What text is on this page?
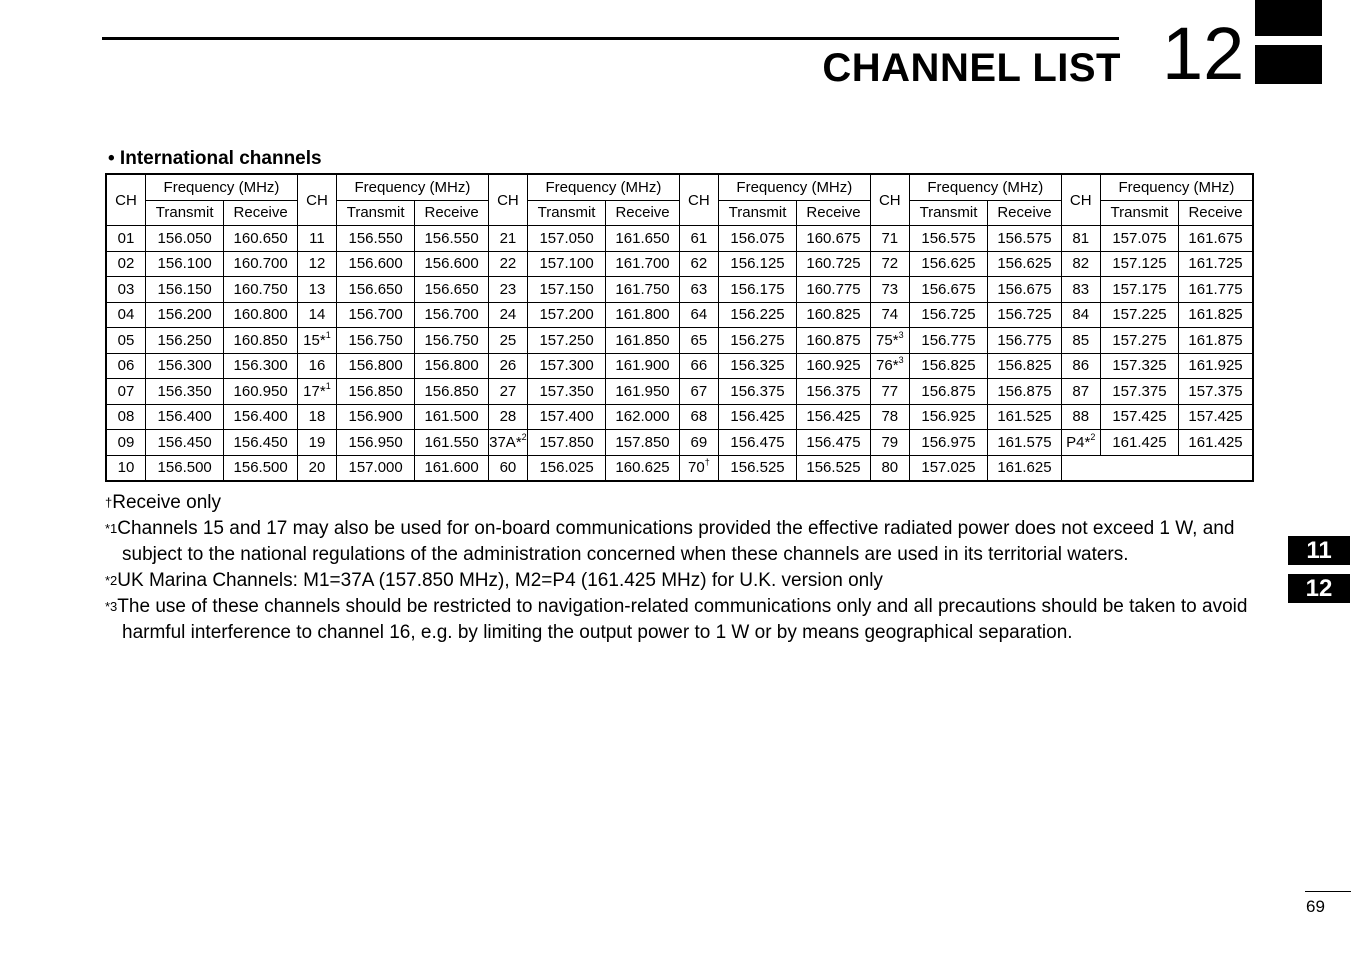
CHANNEL LIST 12
• International channels
CH	Frequency (MHz)		CH	Frequency (MHz)		CH	Frequency (MHz)		CH	Frequency (MHz)		CH	Frequency (MHz)		CH	Frequency (MHz)	
	Transmit	Receive		Transmit	Receive		Transmit	Receive		Transmit	Receive		Transmit	Receive		Transmit	Receive
01	156.050	160.650	11	156.550	156.550	21	157.050	161.650	61	156.075	160.675	71	156.575	156.575	81	157.075	161.675
02	156.100	160.700	12	156.600	156.600	22	157.100	161.700	62	156.125	160.725	72	156.625	156.625	82	157.125	161.725
03	156.150	160.750	13	156.650	156.650	23	157.150	161.750	63	156.175	160.775	73	156.675	156.675	83	157.175	161.775
04	156.200	160.800	14	156.700	156.700	24	157.200	161.800	64	156.225	160.825	74	156.725	156.725	84	157.225	161.825
05	156.250	160.850	15*$^1$	156.750	156.750	25	157.250	161.850	65	156.275	160.875	75*$^3$	156.775	156.775	85	157.275	161.875
06	156.300	156.300	16	156.800	156.800	26	157.300	161.900	66	156.325	160.925	76*$^3$	156.825	156.825	86	157.325	161.925
07	156.350	160.950	17*$^1$	156.850	156.850	27	157.350	161.950	67	156.375	156.375	77	156.875	156.875	87	157.375	157.375
08	156.400	156.400	18	156.900	161.500	28	157.400	162.000	68	156.425	156.425	78	156.925	161.525	88	157.425	157.425
09	156.450	156.450	19	156.950	161.550	37A*$^2$	157.850	157.850	69	156.475	156.475	79	156.975	161.575	P4*$^2$	161.425	161.425
10	156.500	156.500	20	157.000	161.600	60	156.025	160.625	70†	156.525	156.525	80	157.025	161.625			

†Receive only

$^{*1}$Channels 15 and 17 may also be used for on-board communications provided the effective radiated power does not exceed 1 W, and subject to the national regulations of the administration concerned when these channels are used in its territorial waters.

$^{*2}$UK Marina Channels: M1=37A (157.850 MHz), M2=P4 (161.425 MHz) for U.K. version only

$^{*3}$The use of these channels should be restricted to navigation-related communications only and all precautions should be taken to avoid harmful interference to channel 16, e.g. by limiting the output power to 1 W or by means geographical separation.

11
12
69
